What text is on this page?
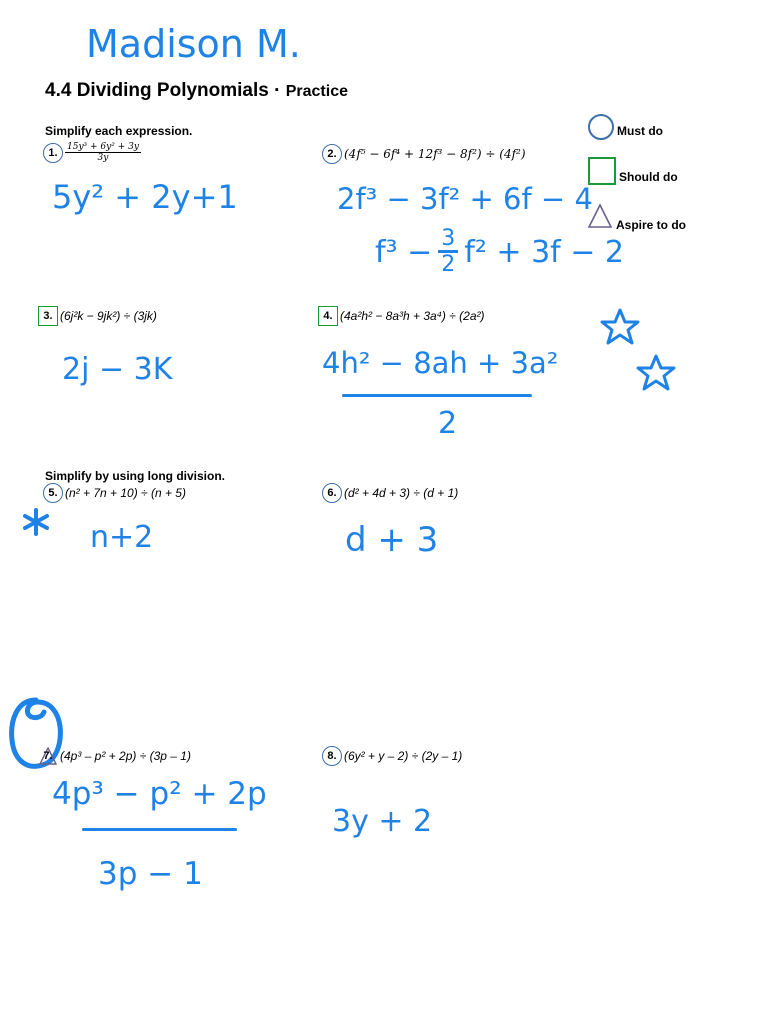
Madison M.
4.4 Dividing Polynomials · Practice
Must do
Should do
Aspire to do
Simplify each expression.
1. $\frac{\text{15y³ + 6y² + 3y}}{3y}$
5y² + 2y+1
2. (4f⁵ − 6f⁴ + 12f³ − 8f²) ÷ (4f²)
2f³ − 3f² + 6f − 4
$f^3 - \frac{3}{2} f^2 + 3f - 2$
3. (6j²k − 9jk²) ÷ (3jk)
2j − 3K
4. (4a²h² − 8a³h + 3a⁴) ÷ (2a²)
4h² − 8ah + 3a²
2
Simplify by using long division.
5. (n² + 7n + 10) ÷ (n + 5)
n+2
6. (d² + 4d + 3) ÷ (d + 1)
d + 3
7. (4p³ – p² + 2p) ÷ (3p – 1)
4p³ − p² + 2p
3p − 1
8. (6y² + y – 2) ÷ (2y – 1)
3y + 2
